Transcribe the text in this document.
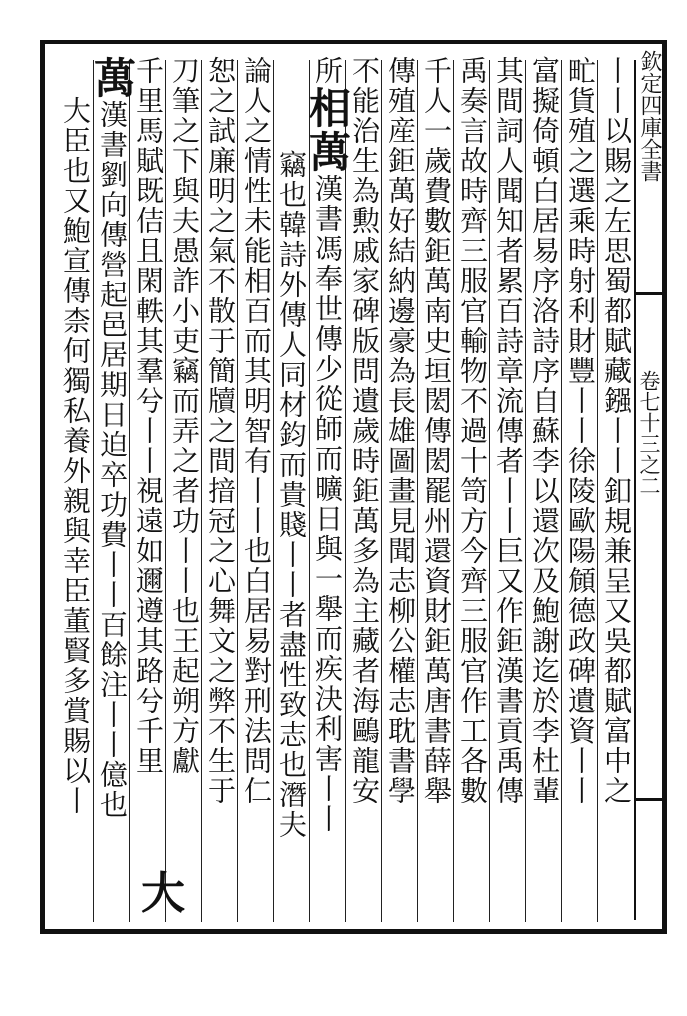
欽定四庫全書
卷七十三之二
丨丨以賜之左思蜀都賦藏鏹丨丨釦規兼呈又吳都賦富中之
甿貨殖之選乘時射利財豐丨丨徐陵歐陽頠德政碑遺資丨丨
富擬倚頓白居易序洛詩序自蘇李以還次及鮑謝迄於李杜輩
其間詞人聞知者累百詩章流傳者丨丨巨又作鉅漢書貢禹傳
禹奏言故時齊三服官輸物不過十笥方今齊三服官作工各數
千人一歲費數鉅萬南史垣閎傳閎罷州還資財鉅萬唐書薛舉
傳殖産鉅萬好結納邊豪為長雄圖畫見聞志柳公權志耽書學
不能治生為勲戚家碑版問遺歲時鉅萬多為主藏者海鷗龍安
所相萬漢書馮奉世傳少從師而曠日與一舉而疾決利害丨丨
竊也韓詩外傳人同材鈞而貴賤丨丨者盡性致志也潛夫
論人之情性未能相百而其明智有丨丨也白居易對刑法問仁
恕之試廉明之氣不散于簡牘之間揞冠之心舞文之弊不生于
刀筆之下與夫愚詐小吏竊而弄之者功丨丨也王起朔方獻
千里馬賦既佶且閑軼其羣兮丨丨視遠如邇遵其路兮千里
萬漢書劉向傳營起邑居期日迫卒功費丨丨百餘注丨丨億也
大臣也又鮑宣傳柰何獨私養外親與幸臣董賢多賞賜以丨
大
